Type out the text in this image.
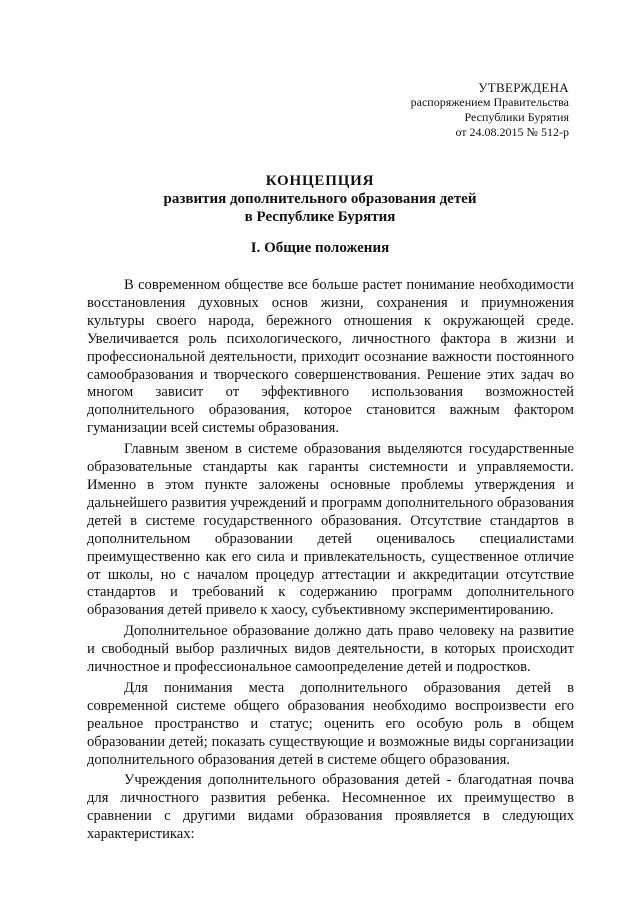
УТВЕРЖДЕНА
распоряжением Правительства
Республики Бурятия
от 24.08.2015 № 512-р
КОНЦЕПЦИЯ
развития дополнительного образования детей
в Республике Бурятия
I. Общие положения

В современном обществе все больше растет понимание необходимости восстановления духовных основ жизни, сохранения и приумножения культуры своего народа, бережного отношения к окружающей среде. Увеличивается роль психологического, личностного фактора в жизни и профессиональной деятельности, приходит осознание важности постоянного самообразования и творческого совершенствования. Решение этих задач во многом зависит от эффективного использования возможностей дополнительного образования, которое становится важным фактором гуманизации всей системы образования.

Главным звеном в системе образования выделяются государственные образовательные стандарты как гаранты системности и управляемости. Именно в этом пункте заложены основные проблемы утверждения и дальнейшего развития учреждений и программ дополнительного образования детей в системе государственного образования. Отсутствие стандартов в дополнительном образовании детей оценивалось специалистами преимущественно как его сила и привлекательность, существенное отличие от школы, но с началом процедур аттестации и аккредитации отсутствие стандартов и требований к содержанию программ дополнительного образования детей привело к хаосу, субъективному экспериментированию.

Дополнительное образование должно дать право человеку на развитие и свободный выбор различных видов деятельности, в которых происходит личностное и профессиональное самоопределение детей и подростков.

Для понимания места дополнительного образования детей в современной системе общего образования необходимо воспроизвести его реальное пространство и статус; оценить его особую роль в общем образовании детей; показать существующие и возможные виды сорганизации дополнительного образования детей в системе общего образования.

Учреждения дополнительного образования детей - благодатная почва для личностного развития ребенка. Несомненное их преимущество в сравнении с другими видами образования проявляется в следующих характеристиках:
